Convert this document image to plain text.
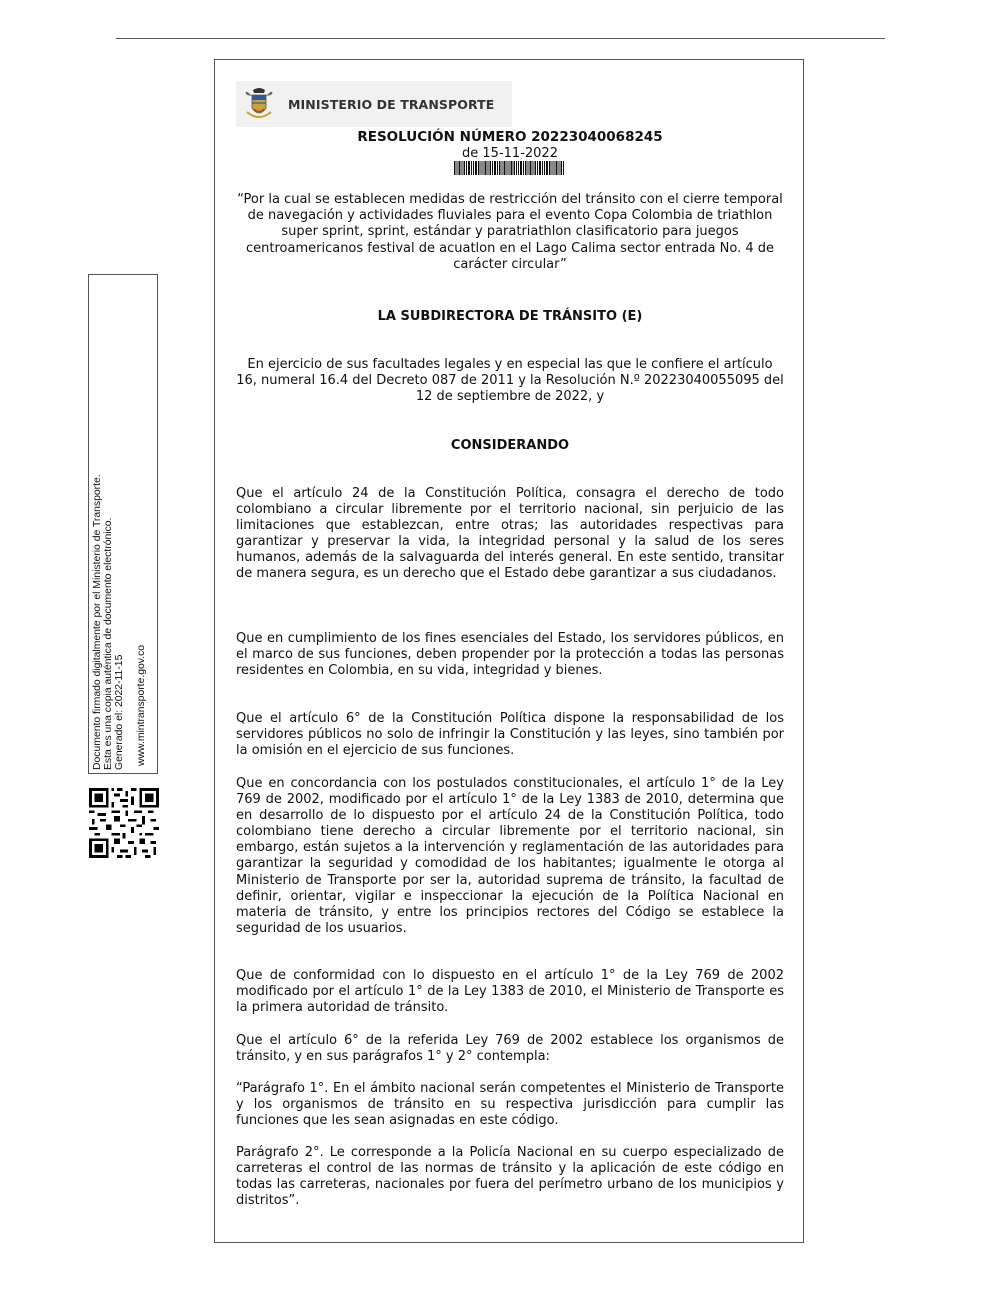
MINISTERIO DE TRANSPORTE
RESOLUCIÓN NÚMERO 20223040068245
de 15-11-2022
“Por la cual se establecen medidas de restricción del tránsito con el cierre temporal de navegación y actividades fluviales para el evento Copa Colombia de triathlon super sprint, sprint, estándar y paratriathlon clasificatorio para juegos centroamericanos festival de acuatlon en el Lago Calima sector entrada No. 4 de carácter circular”
LA SUBDIRECTORA DE TRÁNSITO (E)
En ejercicio de sus facultades legales y en especial las que le confiere el artículo 16, numeral 16.4 del Decreto 087 de 2011 y la Resolución N.º 20223040055095 del 12 de septiembre de 2022, y
CONSIDERANDO

Que el artículo 24 de la Constitución Política, consagra el derecho de todo colombiano a circular libremente por el territorio nacional, sin perjuicio de las limitaciones que establezcan, entre otras; las autoridades respectivas para garantizar y preservar la vida, la integridad personal y la salud de los seres humanos, además de la salvaguarda del interés general. En este sentido, transitar de manera segura, es un derecho que el Estado debe garantizar a sus ciudadanos.

Que en cumplimiento de los fines esenciales del Estado, los servidores públicos, en el marco de sus funciones, deben propender por la protección a todas las personas residentes en Colombia, en su vida, integridad y bienes.

Que el artículo 6° de la Constitución Política dispone la responsabilidad de los servidores públicos no solo de infringir la Constitución y las leyes, sino también por la omisión en el ejercicio de sus funciones.

Que en concordancia con los postulados constitucionales, el artículo 1° de la Ley 769 de 2002, modificado por el artículo 1° de la Ley 1383 de 2010, determina que en desarrollo de lo dispuesto por el artículo 24 de la Constitución Política, todo colombiano tiene derecho a circular libremente por el territorio nacional, sin embargo, están sujetos a la intervención y reglamentación de las autoridades para garantizar la seguridad y comodidad de los habitantes; igualmente le otorga al Ministerio de Transporte por ser la, autoridad suprema de tránsito, la facultad de definir, orientar, vigilar e inspeccionar la ejecución de la Política Nacional en materia de tránsito, y entre los principios rectores del Código se establece la seguridad de los usuarios.

Que de conformidad con lo dispuesto en el artículo 1° de la Ley 769 de 2002 modificado por el artículo 1° de la Ley 1383 de 2010, el Ministerio de Transporte es la primera autoridad de tránsito.

Que el artículo 6° de la referida Ley 769 de 2002 establece los organismos de tránsito, y en sus parágrafos 1° y 2° contempla:

“Parágrafo 1°. En el ámbito nacional serán competentes el Ministerio de Transporte y los organismos de tránsito en su respectiva jurisdicción para cumplir las funciones que les sean asignadas en este código.

Parágrafo 2°. Le corresponde a la Policía Nacional en su cuerpo especializado de carreteras el control de las normas de tránsito y la aplicación de este código en todas las carreteras, nacionales por fuera del perímetro urbano de los municipios y distritos”.

Documento firmado digitalmente por el Ministerio de Transporte. Esta es una copia auténtica de documento electrónico. Generado el: 2022-11-15 www.mintransporte.gov.co
